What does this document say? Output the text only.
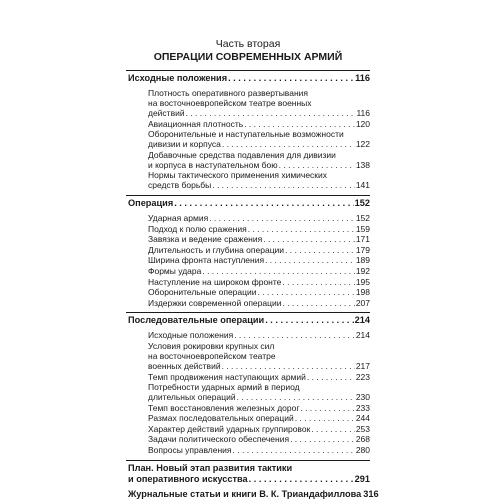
Часть вторая
ОПЕРАЦИИ СОВРЕМЕННЫХ АРМИЙ
Исходные положения . . .	116
Плотность оперативного развертывания
на восточноевропейском театре военных
действий . . .	116
Авиационная плотность . . .	120
Оборонительные и наступательные возможности
дивизии и корпуса . . .	122
Добавочные средства подавления для дивизии
и корпуса в наступательном бою . . .	138
Нормы тактического применения химических
средств борьбы . . .	141
Операция . . .	152
Ударная армия . . .	152
Подход к полю сражения . . .	159
Завязка и ведение сражения . . .	171
Длительность и глубина операции . . .	179
Ширина фронта наступления . . .	189
Формы удара . . .	192
Наступление на широком фронте . . .	195
Оборонительные операции . . .	198
Издержки современной операции . . .	207
Последовательные операции . . .	214
Исходные положения . . .	214
Условия рокировки крупных сил
на восточноевропейском театре
военных действий . . .	217
Темп продвижения наступающих армий . . .	223
Потребности ударных армий в период
длительных операций . . .	230
Темп восстановления железных дорог . . .	233
Размах последовательных операций . . .	244
Характер действий ударных группировок . . .	253
Задачи политического обеспечения . . .	268
Вопросы управления . . .	280
План. Новый этап развития тактики
и оперативного искусства . . .	291
Журнальные статьи и книги В. К. Триандафиллова 316
